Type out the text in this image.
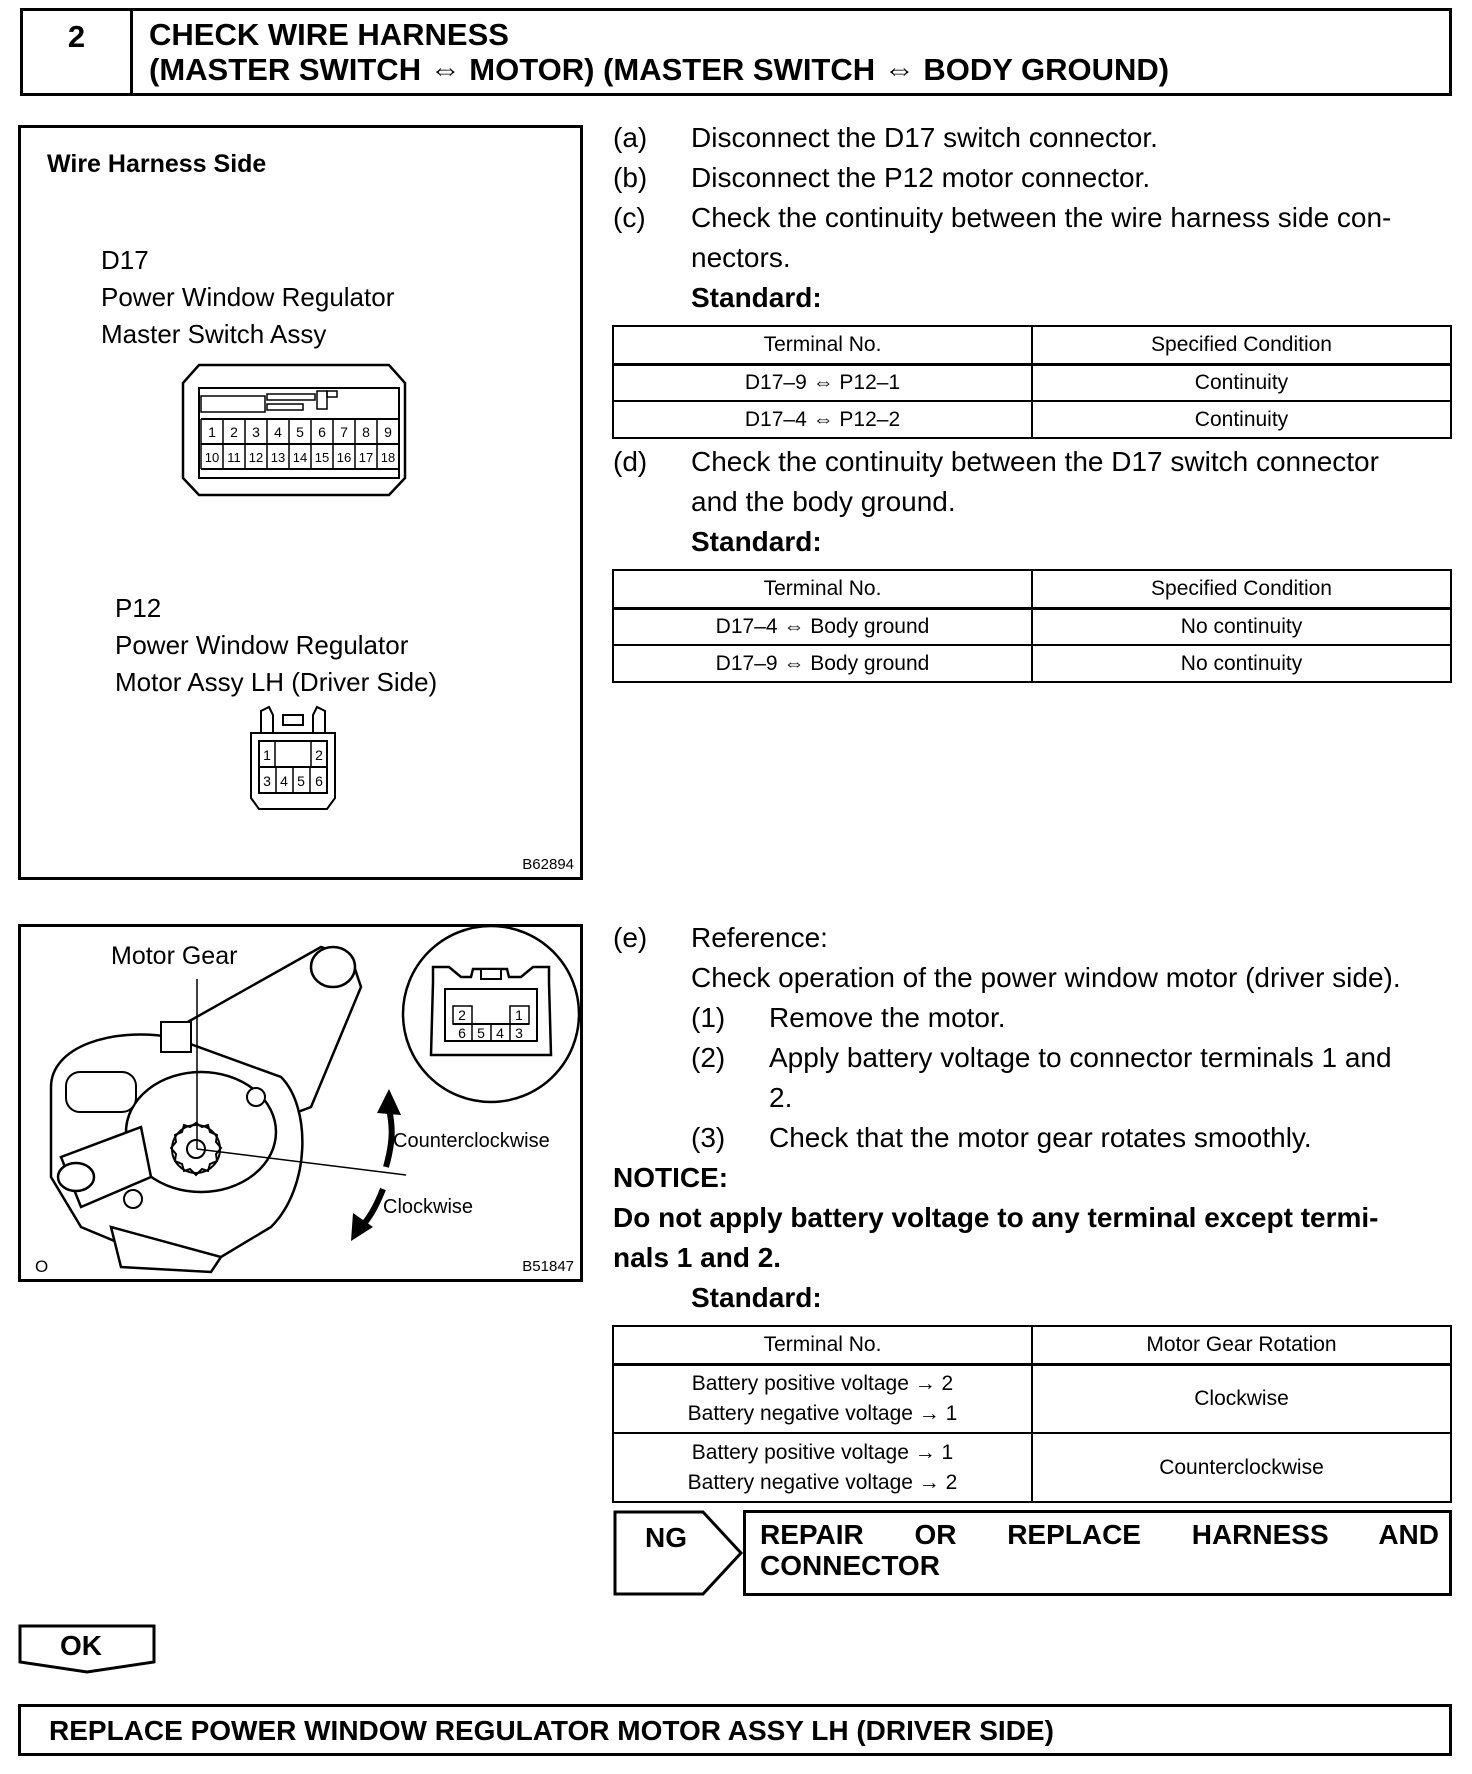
2	CHECK WIRE HARNESS
(MASTER SWITCH ⇔ MOTOR) (MASTER SWITCH ⇔ BODY GROUND)
Wire Harness Side
D17
Power Window Regulator
Master Switch Assy
1 2 3 4 5 6 7 8 9
10 11 12 13 14 15 16 17 18
P12
Power Window Regulator
Motor Assy LH (Driver Side)
1	2
3 4 5 6
B62894
(a) Disconnect the D17 switch connector.
(b) Disconnect the P12 motor connector.
(c) Check the continuity between the wire harness side con-
nectors.
Standard:
Terminal No.	Specified Condition
D17–9 ⇔ P12–1	Continuity
D17–4 ⇔ P12–2	Continuity
(d) Check the continuity between the D17 switch connector
and the body ground.
Standard:
Terminal No.	Specified Condition
D17–4 ⇔ Body ground	No continuity
D17–9 ⇔ Body ground	No continuity
2	1
6 5 4 3
Motor Gear
Counterclockwise
Clockwise
O	B51847
(e) Reference:
Check operation of the power window motor (driver side).
(1) Remove the motor.
(2) Apply battery voltage to connector terminals 1 and
2.
(3) Check that the motor gear rotates smoothly.
NOTICE:
Do not apply battery voltage to any terminal except termi-
nals 1 and 2.
Standard:
Terminal No.	Motor Gear Rotation

Battery positive voltage → 2
Battery negative voltage → 1	Clockwise

Battery positive voltage → 1
Battery negative voltage → 2	Counterclockwise
NG	REPAIR OR REPLACE HARNESS AND
CONNECTOR
OK
REPLACE POWER WINDOW REGULATOR MOTOR ASSY LH (DRIVER SIDE)
